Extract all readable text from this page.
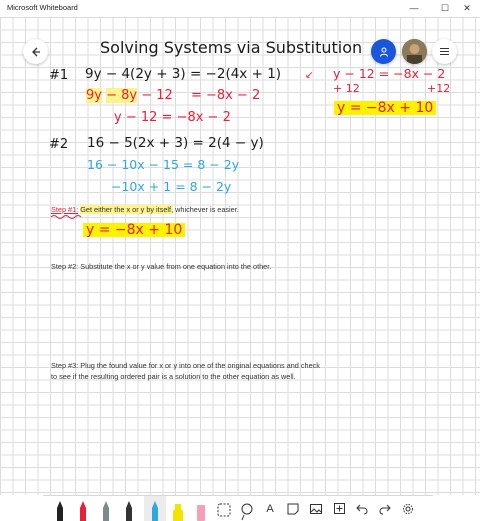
Microsoft Whiteboard	—	☐	✕
Solving Systems via Substitution
#1 9y − 4(2y + 3) = −2(4x + 1)
9y − 8y − 12 = −8x − 2
y − 12 = −8x − 2
↙ y − 12 = −8x − 2
+ 12	+12
y = −8x + 10
#2 16 − 5(2x + 3) = 2(4 − y)
16 − 10x − 15 = 8 − 2y
−10x + 1 = 8 − 2y
Step #1: Get either the x or y by itself, whichever is easier.
y = −8x + 10
Step #2: Substitute the x or y value from one equation into the other.
Step #3: Plug the found value for x or y into one of the original equations and check
to see if the resulting ordered pair is a solution to the other equation as well.
A
